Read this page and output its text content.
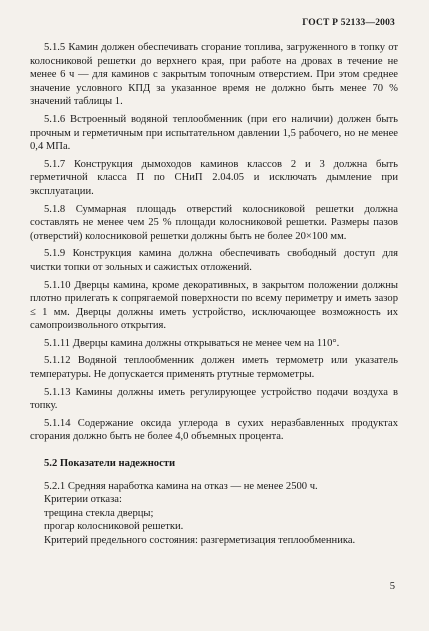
ГОСТ Р 52133—2003

5.1.5 Камин должен обеспечивать сгорание топлива, загруженного в топку от колосниковой решетки до верхнего края, при работе на дровах в течение не менее 6 ч — для каминов с закрытым топочным отверстием. При этом среднее значение условного КПД за указанное время не должно быть менее 70 % значений таблицы 1.

5.1.6 Встроенный водяной теплообменник (при его наличии) должен быть прочным и герметичным при испытательном давлении 1,5 рабочего, но не менее 0,4 МПа.

5.1.7 Конструкция дымоходов каминов классов 2 и 3 должна быть герметичной класса П по СНиП 2.04.05 и исключать дымление при эксплуатации.

5.1.8 Суммарная площадь отверстий колосниковой решетки должна составлять не менее чем 25 % площади колосниковой решетки. Размеры пазов (отверстий) колосниковой решетки должны быть не более 20×100 мм.

5.1.9 Конструкция камина должна обеспечивать свободный доступ для чистки топки от зольных и сажистых отложений.

5.1.10 Дверцы камина, кроме декоративных, в закрытом положении должны плотно прилегать к сопрягаемой поверхности по всему периметру и иметь зазор ≤ 1 мм. Дверцы должны иметь устройство, исключающее возможность их самопроизвольного открытия.

5.1.11 Дверцы камина должны открываться не менее чем на 110°.

5.1.12 Водяной теплообменник должен иметь термометр или указатель температуры. Не допускается применять ртутные термометры.

5.1.13 Камины должны иметь регулирующее устройство подачи воздуха в топку.

5.1.14 Содержание оксида углерода в сухих неразбавленных продуктах сгорания должно быть не более 4,0 объемных процента.

5.2 Показатели надежности

5.2.1 Средняя наработка камина на отказ — не менее 2500 ч.

Критерии отказа:

трещина стекла дверцы;

прогар колосниковой решетки.

Критерий предельного состояния: разгерметизация теплообменника.

5
